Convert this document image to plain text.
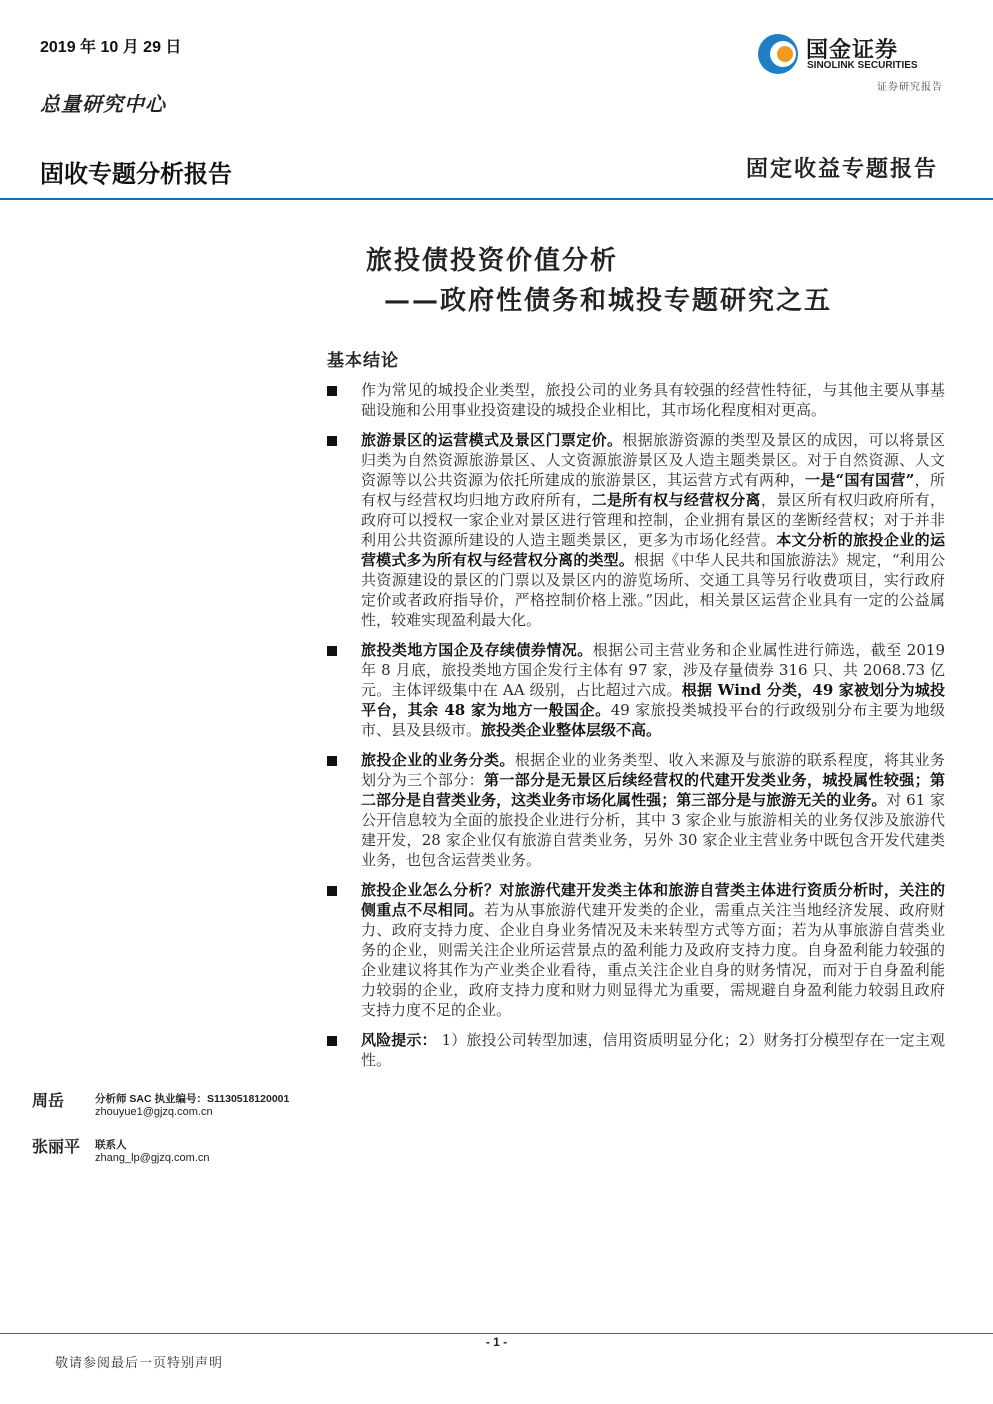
2019 年 10 月 29 日	国金证券
SINOLINK SECURITIES
证券研究报告
总量研究中心
固收专题分析报告	固定收益专题报告
旅投债投资价值分析
——政府性债务和城投专题研究之五
基本结论
作为常见的城投企业类型，旅投公司的业务具有较强的经营性特征，与其他主要从事基础设施和公用事业投资建设的城投企业相比，其市场化程度相对更高。
旅游景区的运营模式及景区门票定价。根据旅游资源的类型及景区的成因，可以将景区归类为自然资源旅游景区、人文资源旅游景区及人造主题类景区。对于自然资源、人文资源等以公共资源为依托所建成的旅游景区，其运营方式有两种，一是“国有国营”，所有权与经营权均归地方政府所有，二是所有权与经营权分离，景区所有权归政府所有，政府可以授权一家企业对景区进行管理和控制，企业拥有景区的垄断经营权；对于并非利用公共资源所建设的人造主题类景区，更多为市场化经营。本文分析的旅投企业的运营模式多为所有权与经营权分离的类型。根据《中华人民共和国旅游法》规定，“利用公共资源建设的景区的门票以及景区内的游览场所、交通工具等另行收费项目，实行政府定价或者政府指导价，严格控制价格上涨。”因此，相关景区运营企业具有一定的公益属性，较难实现盈利最大化。
旅投类地方国企及存续债券情况。根据公司主营业务和企业属性进行筛选，截至 2019 年 8 月底，旅投类地方国企发行主体有 97 家，涉及存量债券 316 只、共 2068.73 亿元。主体评级集中在 AA 级别，占比超过六成。根据 Wind 分类，49 家被划分为城投平台，其余 48 家为地方一般国企。49 家旅投类城投平台的行政级别分布主要为地级市、县及县级市。旅投类企业整体层级不高。
旅投企业的业务分类。根据企业的业务类型、收入来源及与旅游的联系程度，将其业务划分为三个部分：第一部分是无景区后续经营权的代建开发类业务，城投属性较强；第二部分是自营类业务，这类业务市场化属性强；第三部分是与旅游无关的业务。对 61 家公开信息较为全面的旅投企业进行分析，其中 3 家企业与旅游相关的业务仅涉及旅游代建开发，28 家企业仅有旅游自营类业务，另外 30 家企业主营业务中既包含开发代建类业务，也包含运营类业务。
旅投企业怎么分析？对旅游代建开发类主体和旅游自营类主体进行资质分析时，关注的侧重点不尽相同。若为从事旅游代建开发类的企业，需重点关注当地经济发展、政府财力、政府支持力度、企业自身业务情况及未来转型方式等方面；若为从事旅游自营类业务的企业，则需关注企业所运营景点的盈利能力及政府支持力度。自身盈利能力较强的企业建议将其作为产业类企业看待，重点关注企业自身的财务情况，而对于自身盈利能力较弱的企业，政府支持力度和财力则显得尤为重要，需规避自身盈利能力较弱且政府支持力度不足的企业。
风险提示： 1）旅投公司转型加速，信用资质明显分化；2）财务打分模型存在一定主观性。
周岳	分析师 SAC 执业编号：S1130518120001
zhouyue1@gjzq.com.cn
张丽平 联系人
zhang_lp@gjzq.com.cn
- 1 -
敬请参阅最后一页特别声明
